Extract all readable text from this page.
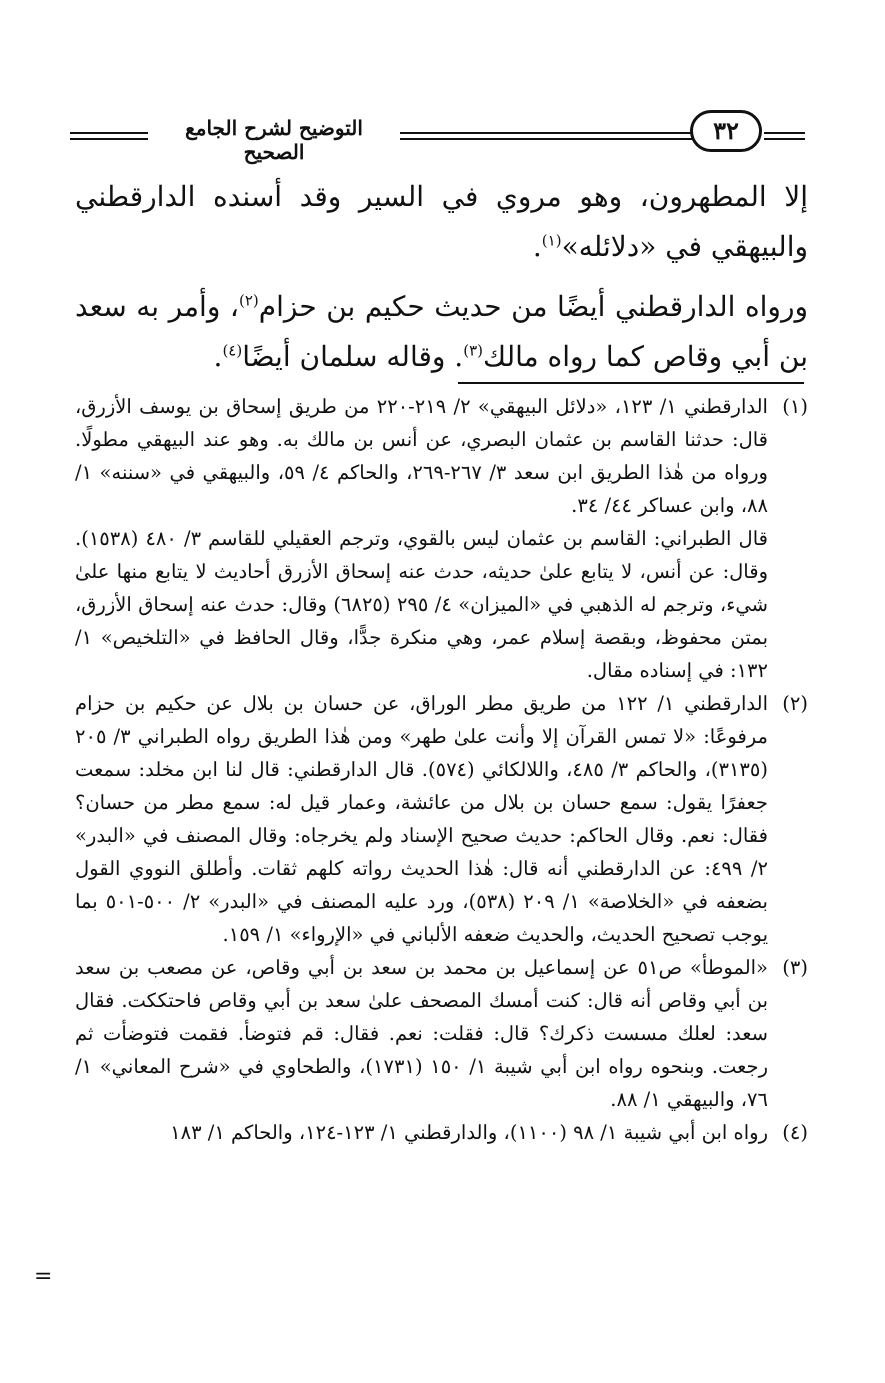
التوضيح لشرح الجامع الصحيح
٣٢

إلا المطهرون، وهو مروي في السير وقد أسنده الدارقطني والبيهقي في «دلائله»$^{(١)}$.

ورواه الدارقطني أيضًا من حديث حكيم بن حزام$^{(٢)}$، وأمر به سعد بن أبي وقاص كما رواه مالك$^{(٣)}$. وقاله سلمان أيضًا$^{(٤)}$.

(١)

الدارقطني ١/ ١٢٣، «دلائل البيهقي» ٢/ ٢١٩-٢٢٠ من طريق إسحاق بن يوسف الأزرق، قال: حدثنا القاسم بن عثمان البصري، عن أنس بن مالك به. وهو عند البيهقي مطولًا. ورواه من هٰذا الطريق ابن سعد ٣/ ٢٦٧-٢٦٩، والحاكم ٤/ ٥٩، والبيهقي في «سننه» ١/ ٨٨، وابن عساكر ٤٤/ ٣٤.

قال الطبراني: القاسم بن عثمان ليس بالقوي، وترجم العقيلي للقاسم ٣/ ٤٨٠ (١٥٣٨). وقال: عن أنس، لا يتابع علىٰ حديثه، حدث عنه إسحاق الأزرق أحاديث لا يتابع منها علىٰ شيء، وترجم له الذهبي في «الميزان» ٤/ ٢٩٥ (٦٨٢٥) وقال: حدث عنه إسحاق الأزرق، بمتن محفوظ، وبقصة إسلام عمر، وهي منكرة جدًّا، وقال الحافظ في «التلخيص» ١/ ١٣٢: في إسناده مقال.

(٢)

الدارقطني ١/ ١٢٢ من طريق مطر الوراق، عن حسان بن بلال عن حكيم بن حزام مرفوعًا: «لا تمس القرآن إلا وأنت علىٰ طهر» ومن هٰذا الطريق رواه الطبراني ٣/ ٢٠٥ (٣١٣٥)، والحاكم ٣/ ٤٨٥، واللالكائي (٥٧٤). قال الدارقطني: قال لنا ابن مخلد: سمعت جعفرًا يقول: سمع حسان بن بلال من عائشة، وعمار قيل له: سمع مطر من حسان؟ فقال: نعم. وقال الحاكم: حديث صحيح الإسناد ولم يخرجاه: وقال المصنف في «البدر» ٢/ ٤٩٩: عن الدارقطني أنه قال: هٰذا الحديث رواته كلهم ثقات. وأطلق النووي القول بضعفه في «الخلاصة» ١/ ٢٠٩ (٥٣٨)، ورد عليه المصنف في «البدر» ٢/ ٥٠٠-٥٠١ بما يوجب تصحيح الحديث، والحديث ضعفه الألباني في «الإرواء» ١/ ١٥٩.

(٣)

«الموطأ» ص٥١ عن إسماعيل بن محمد بن سعد بن أبي وقاص، عن مصعب بن سعد بن أبي وقاص أنه قال: كنت أمسك المصحف علىٰ سعد بن أبي وقاص فاحتككت. فقال سعد: لعلك مسست ذكرك؟ قال: فقلت: نعم. فقال: قم فتوضأ. فقمت فتوضأت ثم رجعت. وبنحوه رواه ابن أبي شيبة ١/ ١٥٠ (١٧٣١)، والطحاوي في «شرح المعاني» ١/ ٧٦، والبيهقي ١/ ٨٨.

(٤)

رواه ابن أبي شيبة ١/ ٩٨ (١١٠٠)، والدارقطني ١/ ١٢٣-١٢٤، والحاكم ١/ ١٨٣

=
